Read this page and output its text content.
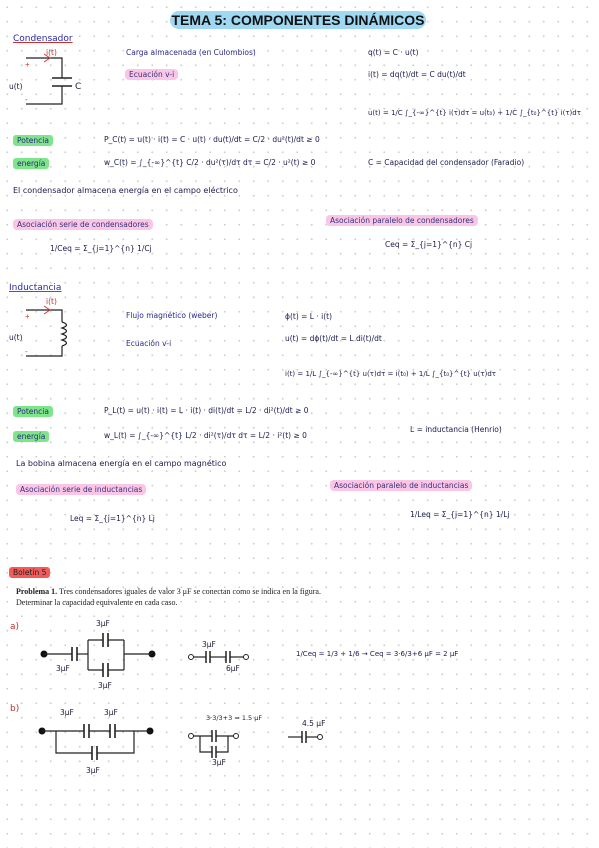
TEMA 5: COMPONENTES DINÁMICOS
Condensador
+
-
i(t)
u(t)	C
Carga almacenada (en Culombios)
Ecuación v-i
q(t) = C · u(t)
i(t) = dq(t)/dt = C du(t)/dt
u(t) = 1/C ∫_{-∞}^{t} i(τ)dτ = u(t₀) + 1/C ∫_{t₀}^{t} i(τ)dτ
Potencia	P_C(t) = u(t) · i(t) = C · u(t) · du(t)/dt = C/2 · du²(t)/dt ≥ 0
energía	w_C(t) = ∫_{-∞}^{t} C/2 · du²(τ)/dτ dτ = C/2 · u²(t) ≥ 0	C = Capacidad del condensador (Faradio)
El condensador almacena energía en el campo eléctrico
Asociación serie de condensadores
1/Ceq = Σ_{j=1}^{n} 1/Cj
Asociación paralelo de condensadores
Ceq = Σ_{j=1}^{n} Cj
Inductancia
+
-
i(t)
u(t)
Flujo magnético (weber)
Ecuación v-i
ϕ(t) = L · i(t)
u(t) = dϕ(t)/dt = L di(t)/dt
i(t) = 1/L ∫_{-∞}^{t} u(τ)dτ = i(t₀) + 1/L ∫_{t₀}^{t} u(τ)dτ
Potencia	P_L(t) = u(t) · i(t) = L · i(t) · di(t)/dt = L/2 · di²(t)/dt ≥ 0
energía	w_L(t) = ∫_{-∞}^{t} L/2 · di²(τ)/dτ dτ = L/2 · i²(t) ≥ 0
L = inductancia (Henrio)
La bobina almacena energía en el campo magnético
Asociación serie de inductancias
Leq = Σ_{j=1}^{n} Lj
Asociación paralelo de inductancias
1/Leq = Σ_{j=1}^{n} 1/Lj
Boletín 5
Problema 1. Tres condensadores iguales de valor 3 μF se conectan como se indica en la figura. Determinar la capacidad equivalente en cada caso.
a)	3μF
3μF
3μF
3μF
6μF
1/Ceq = 1/3 + 1/6 → Ceq = 3·6/3+6 μF = 2 μF
b)	3μF	3μF
3μF
3·3/3+3 = 1.5 μF
3μF
4.5 μF
